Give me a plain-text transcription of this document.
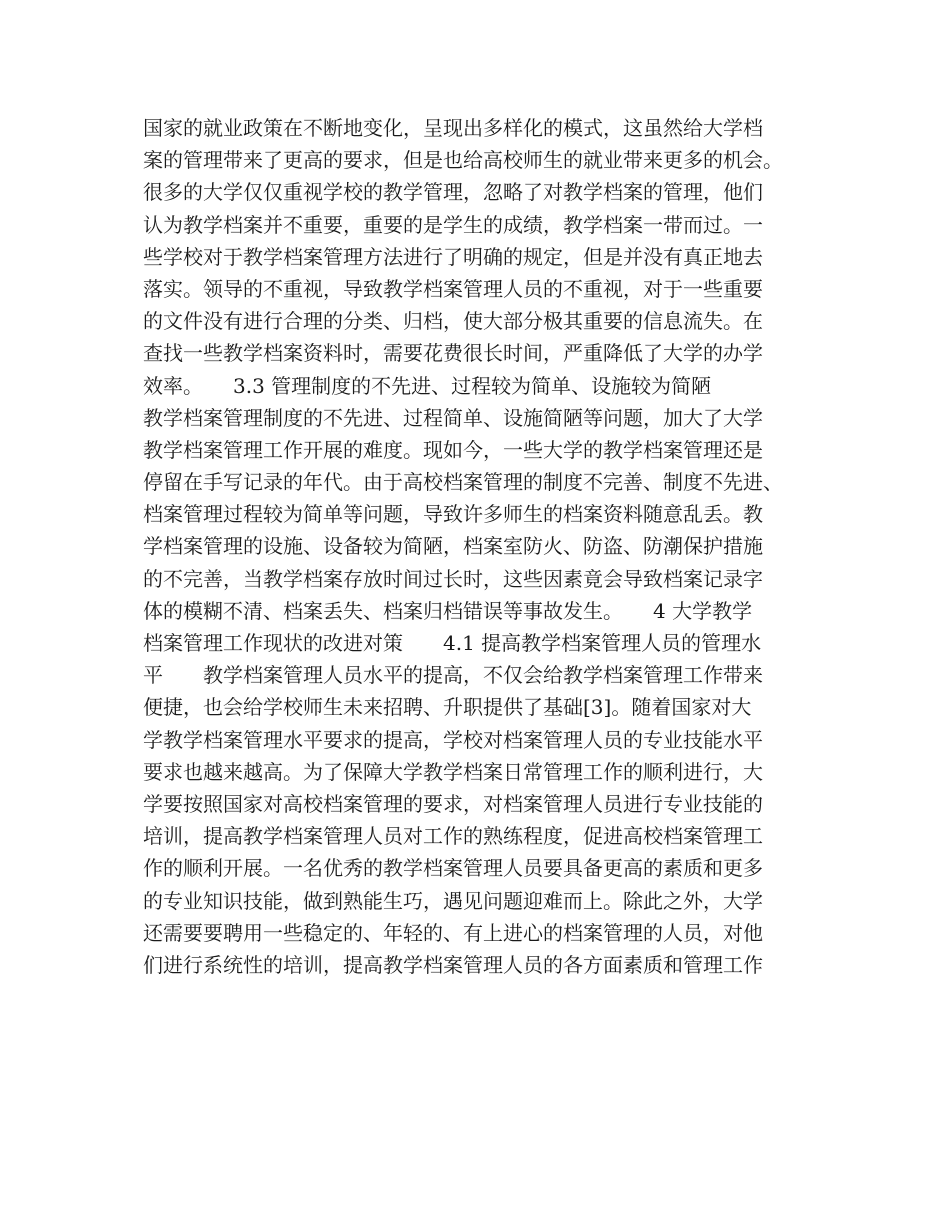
国家的就业政策在不断地变化，呈现出多样化的模式，这虽然给大学档
案的管理带来了更高的要求，但是也给高校师生的就业带来更多的机会。
很多的大学仅仅重视学校的教学管理，忽略了对教学档案的管理，他们
认为教学档案并不重要，重要的是学生的成绩，教学档案一带而过。一
些学校对于教学档案管理方法进行了明确的规定，但是并没有真正地去
落实。领导的不重视，导致教学档案管理人员的不重视，对于一些重要
的文件没有进行合理的分类、归档，使大部分极其重要的信息流失。在
查找一些教学档案资料时，需要花费很长时间，严重降低了大学的办学
效率。　　3.3 管理制度的不先进、过程较为简单、设施较为简陋
教学档案管理制度的不先进、过程简单、设施简陋等问题，加大了大学
教学档案管理工作开展的难度。现如今，一些大学的教学档案管理还是
停留在手写记录的年代。由于高校档案管理的制度不完善、制度不先进、
档案管理过程较为简单等问题，导致许多师生的档案资料随意乱丢。教
学档案管理的设施、设备较为简陋，档案室防火、防盗、防潮保护措施
的不完善，当教学档案存放时间过长时，这些因素竟会导致档案记录字
体的模糊不清、档案丢失、档案归档错误等事故发生。　　4 大学教学
档案管理工作现状的改进对策　　4.1 提高教学档案管理人员的管理水
平　　教学档案管理人员水平的提高，不仅会给教学档案管理工作带来
便捷，也会给学校师生未来招聘、升职提供了基础[3]。随着国家对大
学教学档案管理水平要求的提高，学校对档案管理人员的专业技能水平
要求也越来越高。为了保障大学教学档案日常管理工作的顺利进行，大
学要按照国家对高校档案管理的要求，对档案管理人员进行专业技能的
培训，提高教学档案管理人员对工作的熟练程度，促进高校档案管理工
作的顺利开展。一名优秀的教学档案管理人员要具备更高的素质和更多
的专业知识技能，做到熟能生巧，遇见问题迎难而上。除此之外，大学
还需要要聘用一些稳定的、年轻的、有上进心的档案管理的人员，对他
们进行系统性的培训，提高教学档案管理人员的各方面素质和管理工作
